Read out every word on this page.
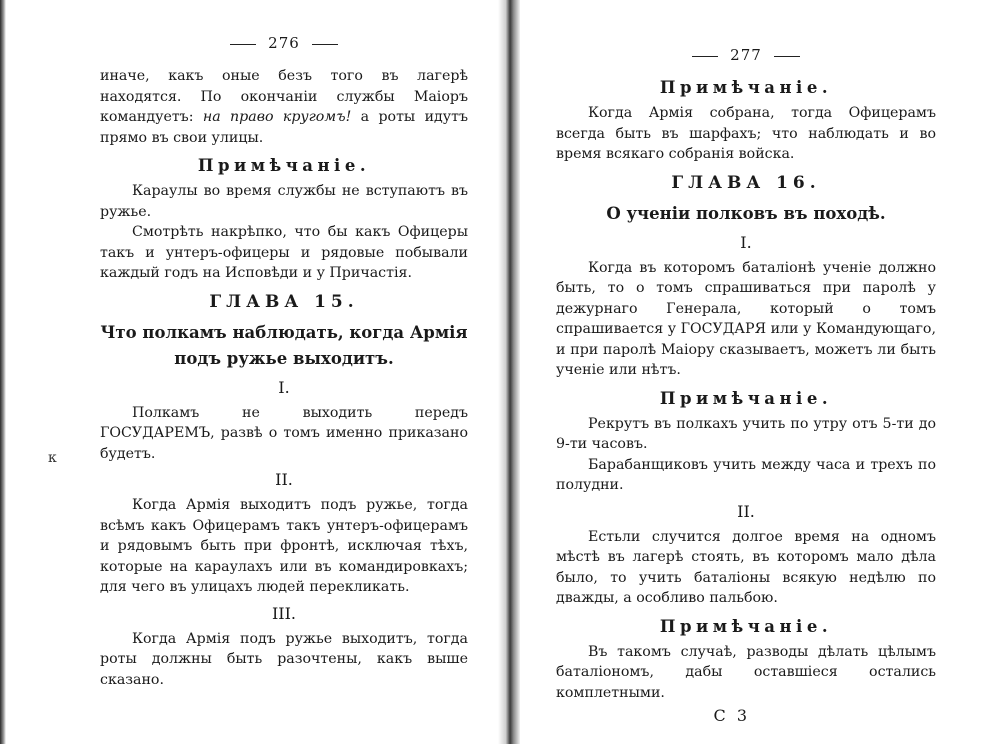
к
276

иначе, какъ оные безъ того въ лагерѣ находятся. По окончаніи службы Маіоръ командуетъ: на право кругомъ! а роты идутъ прямо въ свои улицы.

Примѣчаніе.

Караулы во время службы не вступаютъ въ ружье.

Смотрѣть накрѣпко, что бы какъ Офицеры такъ и унтеръ-офицеры и рядовые побывали каждый годъ на Исповѣди и у Причастія.

ГЛАВА 15.
Что полкамъ наблюдать, когда Армія подъ ружье выходитъ.
I.

Полкамъ не выходить передъ ГОСУДАРЕМЪ, развѣ о томъ именно приказано будетъ.

II.

Когда Армія выходитъ подъ ружье, тогда всѣмъ какъ Офицерамъ такъ унтеръ-офицерамъ и рядовымъ быть при фронтѣ, исключая тѣхъ, которые на караулахъ или въ командировкахъ; для чего въ улицахъ людей перекликать.

III.

Когда Армія подъ ружье выходитъ, тогда роты должны быть разочтены, какъ выше сказано.

277
Примѣчаніе.

Когда Армія собрана, тогда Офицерамъ всегда быть въ шарфахъ; что наблюдать и во время всякаго собранія войска.

ГЛАВА 16.
О ученіи полковъ въ походѣ.
I.

Когда въ которомъ баталіонѣ ученіе должно быть, то о томъ спрашиваться при паролѣ у дежурнаго Генерала, который о томъ спрашивается у ГОСУДАРЯ или у Командующаго, и при паролѣ Маіору сказываетъ, можетъ ли быть ученіе или нѣтъ.

Примѣчаніе.

Рекрутъ въ полкахъ учить по утру отъ 5-ти до 9-ти часовъ.

Барабанщиковъ учить между часа и трехъ по полудни.

II.

Естьли случится долгое время на одномъ мѣстѣ въ лагерѣ стоять, въ которомъ мало дѣла было, то учить баталіоны всякую недѣлю по дважды, а особливо пальбою.

Примѣчаніе.

Въ такомъ случаѣ, разводы дѣлать цѣлымъ баталіономъ, дабы оставшіеся остались комплетными.

С 3
